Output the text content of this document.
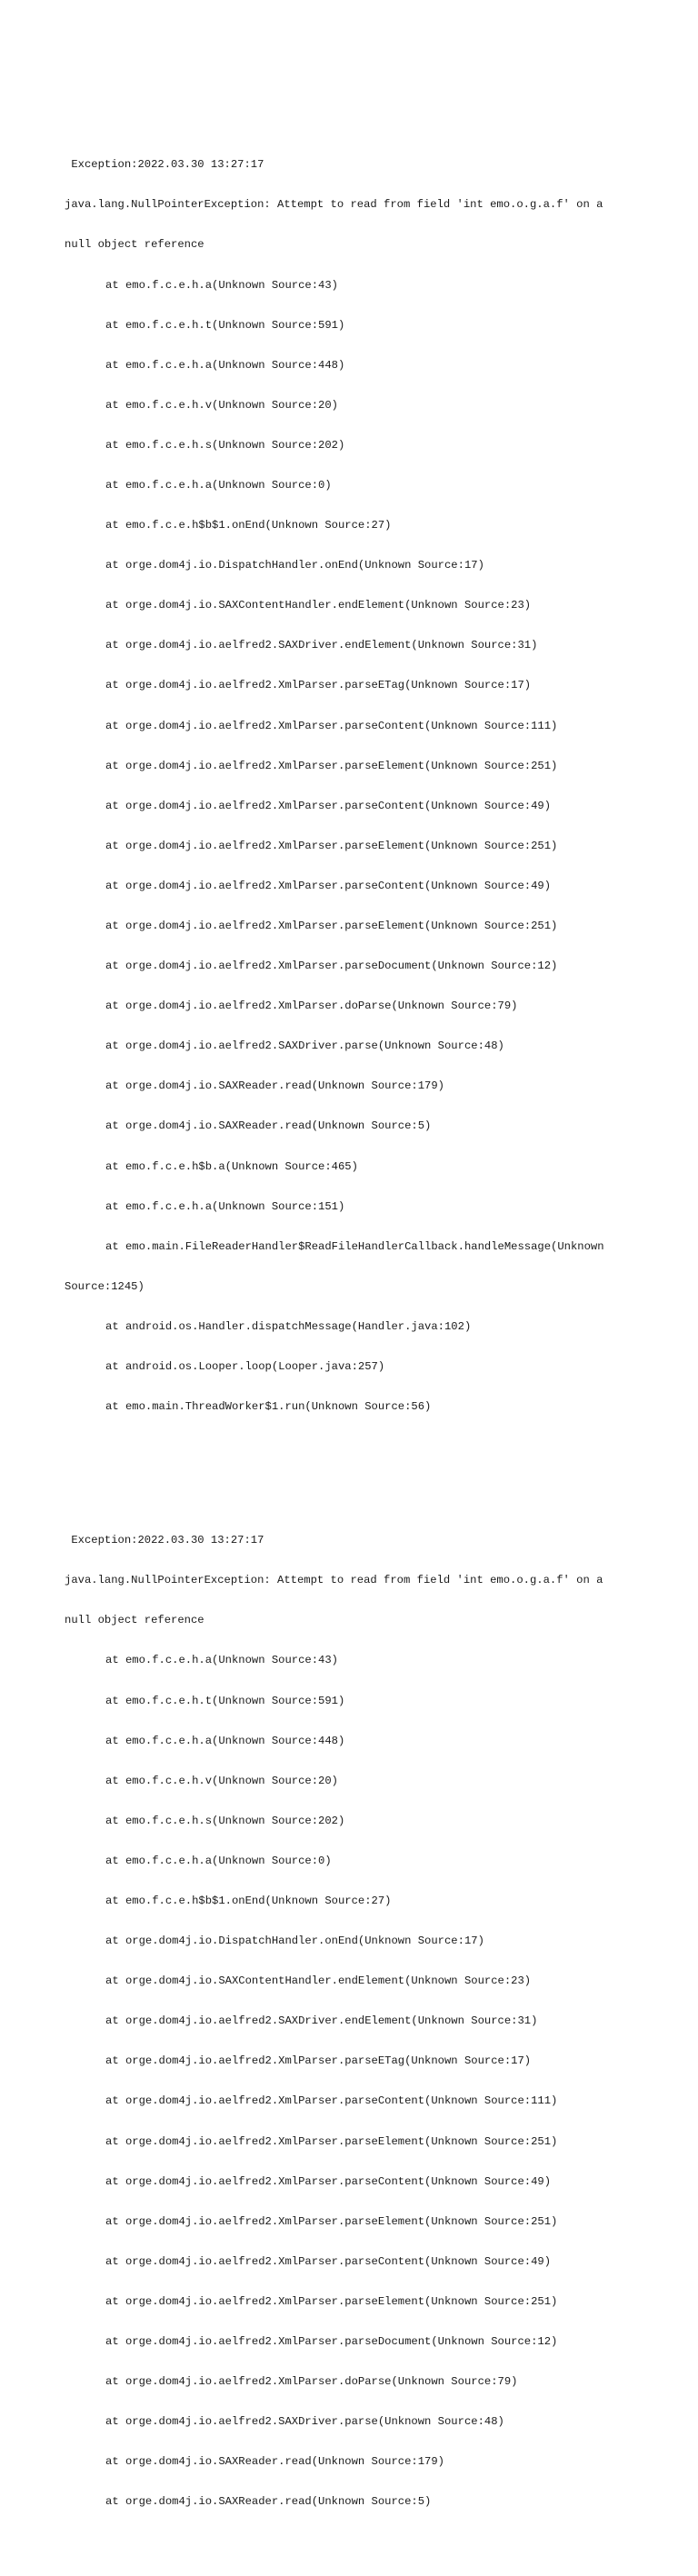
Exception:2022.03.30 13:27:17

java.lang.NullPointerException: Attempt to read from field 'int emo.o.g.a.f' on a

null object reference

at emo.f.c.e.h.a(Unknown Source:43)

at emo.f.c.e.h.t(Unknown Source:591)

at emo.f.c.e.h.a(Unknown Source:448)

at emo.f.c.e.h.v(Unknown Source:20)

at emo.f.c.e.h.s(Unknown Source:202)

at emo.f.c.e.h.a(Unknown Source:0)

at emo.f.c.e.h$b$1.onEnd(Unknown Source:27)

at orge.dom4j.io.DispatchHandler.onEnd(Unknown Source:17)

at orge.dom4j.io.SAXContentHandler.endElement(Unknown Source:23)

at orge.dom4j.io.aelfred2.SAXDriver.endElement(Unknown Source:31)

at orge.dom4j.io.aelfred2.XmlParser.parseETag(Unknown Source:17)

at orge.dom4j.io.aelfred2.XmlParser.parseContent(Unknown Source:111)

at orge.dom4j.io.aelfred2.XmlParser.parseElement(Unknown Source:251)

at orge.dom4j.io.aelfred2.XmlParser.parseContent(Unknown Source:49)

at orge.dom4j.io.aelfred2.XmlParser.parseElement(Unknown Source:251)

at orge.dom4j.io.aelfred2.XmlParser.parseContent(Unknown Source:49)

at orge.dom4j.io.aelfred2.XmlParser.parseElement(Unknown Source:251)

at orge.dom4j.io.aelfred2.XmlParser.parseDocument(Unknown Source:12)

at orge.dom4j.io.aelfred2.XmlParser.doParse(Unknown Source:79)

at orge.dom4j.io.aelfred2.SAXDriver.parse(Unknown Source:48)

at orge.dom4j.io.SAXReader.read(Unknown Source:179)

at orge.dom4j.io.SAXReader.read(Unknown Source:5)

at emo.f.c.e.h$b.a(Unknown Source:465)

at emo.f.c.e.h.a(Unknown Source:151)

at emo.main.FileReaderHandler$ReadFileHandlerCallback.handleMessage(Unknown

Source:1245)

at android.os.Handler.dispatchMessage(Handler.java:102)

at android.os.Looper.loop(Looper.java:257)

at emo.main.ThreadWorker$1.run(Unknown Source:56)

Exception:2022.03.30 13:27:17

java.lang.NullPointerException: Attempt to read from field 'int emo.o.g.a.f' on a

null object reference

at emo.f.c.e.h.a(Unknown Source:43)

at emo.f.c.e.h.t(Unknown Source:591)

at emo.f.c.e.h.a(Unknown Source:448)

at emo.f.c.e.h.v(Unknown Source:20)

at emo.f.c.e.h.s(Unknown Source:202)

at emo.f.c.e.h.a(Unknown Source:0)

at emo.f.c.e.h$b$1.onEnd(Unknown Source:27)

at orge.dom4j.io.DispatchHandler.onEnd(Unknown Source:17)

at orge.dom4j.io.SAXContentHandler.endElement(Unknown Source:23)

at orge.dom4j.io.aelfred2.SAXDriver.endElement(Unknown Source:31)

at orge.dom4j.io.aelfred2.XmlParser.parseETag(Unknown Source:17)

at orge.dom4j.io.aelfred2.XmlParser.parseContent(Unknown Source:111)

at orge.dom4j.io.aelfred2.XmlParser.parseElement(Unknown Source:251)

at orge.dom4j.io.aelfred2.XmlParser.parseContent(Unknown Source:49)

at orge.dom4j.io.aelfred2.XmlParser.parseElement(Unknown Source:251)

at orge.dom4j.io.aelfred2.XmlParser.parseContent(Unknown Source:49)

at orge.dom4j.io.aelfred2.XmlParser.parseElement(Unknown Source:251)

at orge.dom4j.io.aelfred2.XmlParser.parseDocument(Unknown Source:12)

at orge.dom4j.io.aelfred2.XmlParser.doParse(Unknown Source:79)

at orge.dom4j.io.aelfred2.SAXDriver.parse(Unknown Source:48)

at orge.dom4j.io.SAXReader.read(Unknown Source:179)

at orge.dom4j.io.SAXReader.read(Unknown Source:5)
